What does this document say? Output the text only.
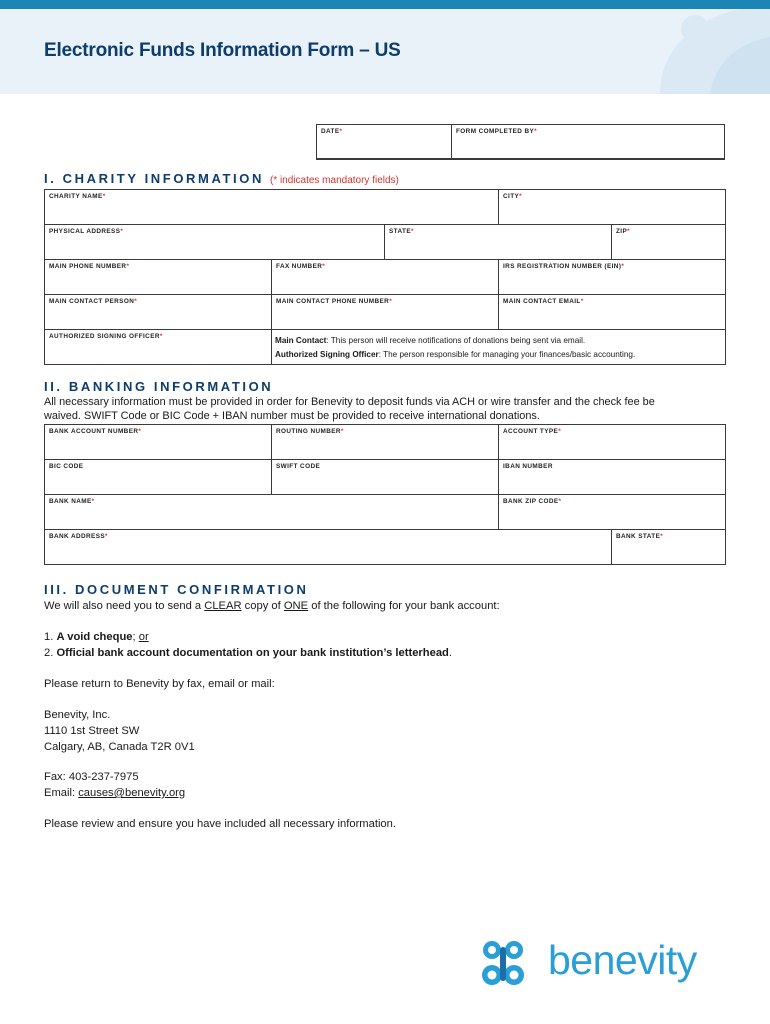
Electronic Funds Information Form – US
DATE*	FORM COMPLETED BY*
I. CHARITY INFORMATION (* indicates mandatory fields)
CHARITY NAME*	CITY*
PHYSICAL ADDRESS*	STATE*	ZIP*
MAIN PHONE NUMBER*	FAX NUMBER*	IRS REGISTRATION NUMBER (EIN)*
MAIN CONTACT PERSON*	MAIN CONTACT PHONE NUMBER*	MAIN CONTACT EMAIL*
AUTHORIZED SIGNING OFFICER*	Main Contact: This person will receive notifications of donations being sent via email.
Authorized Signing Officer: The person responsible for managing your finances/basic accounting.
II. BANKING INFORMATION
All necessary information must be provided in order for Benevity to deposit funds via ACH or wire transfer and the check fee be
waived. SWIFT Code or BIC Code + IBAN number must be provided to receive international donations.
BANK ACCOUNT NUMBER*	ROUTING NUMBER*	ACCOUNT TYPE*
BIC CODE	SWIFT CODE	IBAN NUMBER
BANK NAME*	BANK ZIP CODE*
BANK ADDRESS*	BANK STATE*
III. DOCUMENT CONFIRMATION
We will also need you to send a CLEAR copy of ONE of the following for your bank account:
1. A void cheque; or
2. Official bank account documentation on your bank institution’s letterhead.
Please return to Benevity by fax, email or mail:
Benevity, Inc.
1110 1st Street SW
Calgary, AB, Canada T2R 0V1
Fax: 403-237-7975
Email: causes@benevity.org
Please review and ensure you have included all necessary information.
benevity
